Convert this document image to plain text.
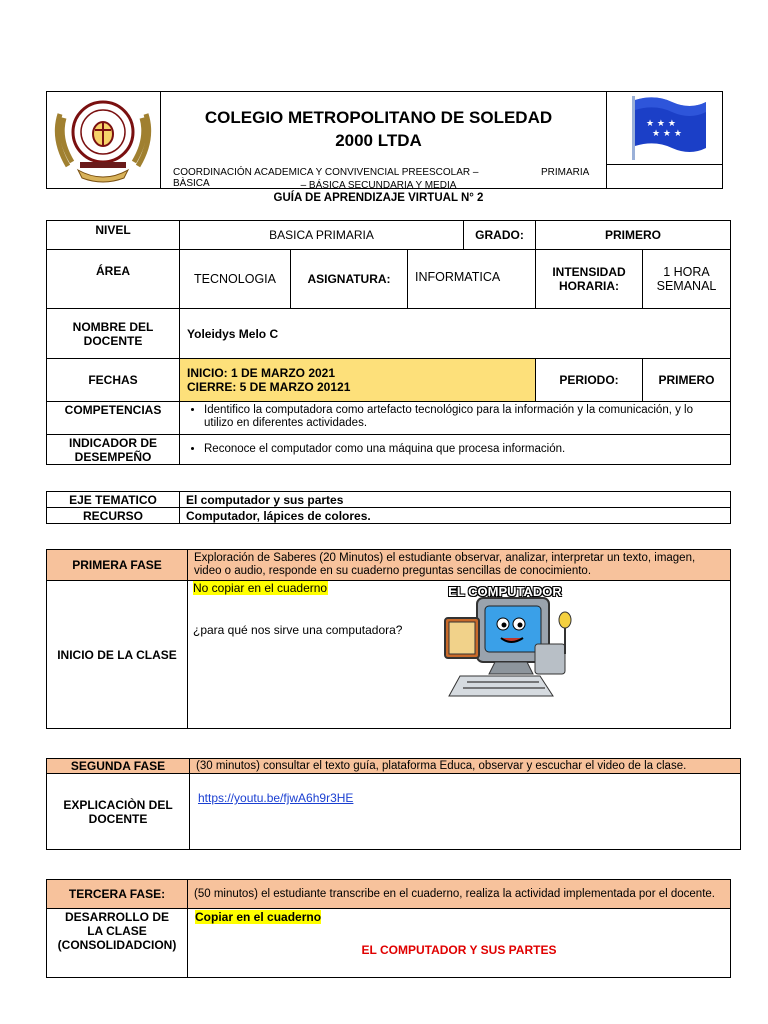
COLEGIO METROPOLITANO DE SOLEDAD
2000 LTDA
COORDINACIÓN ACADEMICA Y CONVIVENCIAL PREESCOLAR – BÀSICA
PRIMARIA
– BÁSICA SECUNDARIA Y MEDIA
★ ★ ★
★ ★ ★
GUÍA DE APRENDIZAJE VIRTUAL N° 2
NIVEL	BASICA PRIMARIA	GRADO:	PRIMERO
ÁREA
TECNOLOGIA	ASIGNATURA: INFORMATICA	INTENSIDAD
HORARIA:
1 HORA
SEMANAL
NOMBRE DEL
DOCENTE	Yoleidys Melo C
FECHAS	INICIO: 1 DE MARZO 2021
CIERRE: 5 DE MARZO 20121	PERIODO:	PRIMERO
COMPETENCIAS
•	Identifico la computadora como artefacto tecnológico para la información y la comunicación, y lo utilizo en diferentes actividades.
INDICADOR DE
DESEMPEÑO
• Reconoce el computador como una máquina que procesa información.
EJE TEMATICO El computador y sus partes
RECURSO	Computador, lápices de colores.
PRIMERA FASE	Exploración de Saberes (20 Minutos) el estudiante observar, analizar, interpretar un texto, imagen, video o audio, responde en su cuaderno preguntas sencillas de conocimiento.
INICIO DE LA CLASE
No copiar en el cuaderno
¿para qué nos sirve una computadora?
EL COMPUTADOR
SEGUNDA FASE	(30 minutos) consultar el texto guía, plataforma Educa, observar y escuchar el video de la clase.
EXPLICACIÒN DEL
DOCENTE
https://youtu.be/fjwA6h9r3HE
TERCERA FASE:	(50 minutos) el estudiante transcribe en el cuaderno, realiza la actividad implementada por el docente.
DESARROLLO DE
LA CLASE
(CONSOLIDADCION)
Copiar en el cuaderno
EL COMPUTADOR Y SUS PARTES
